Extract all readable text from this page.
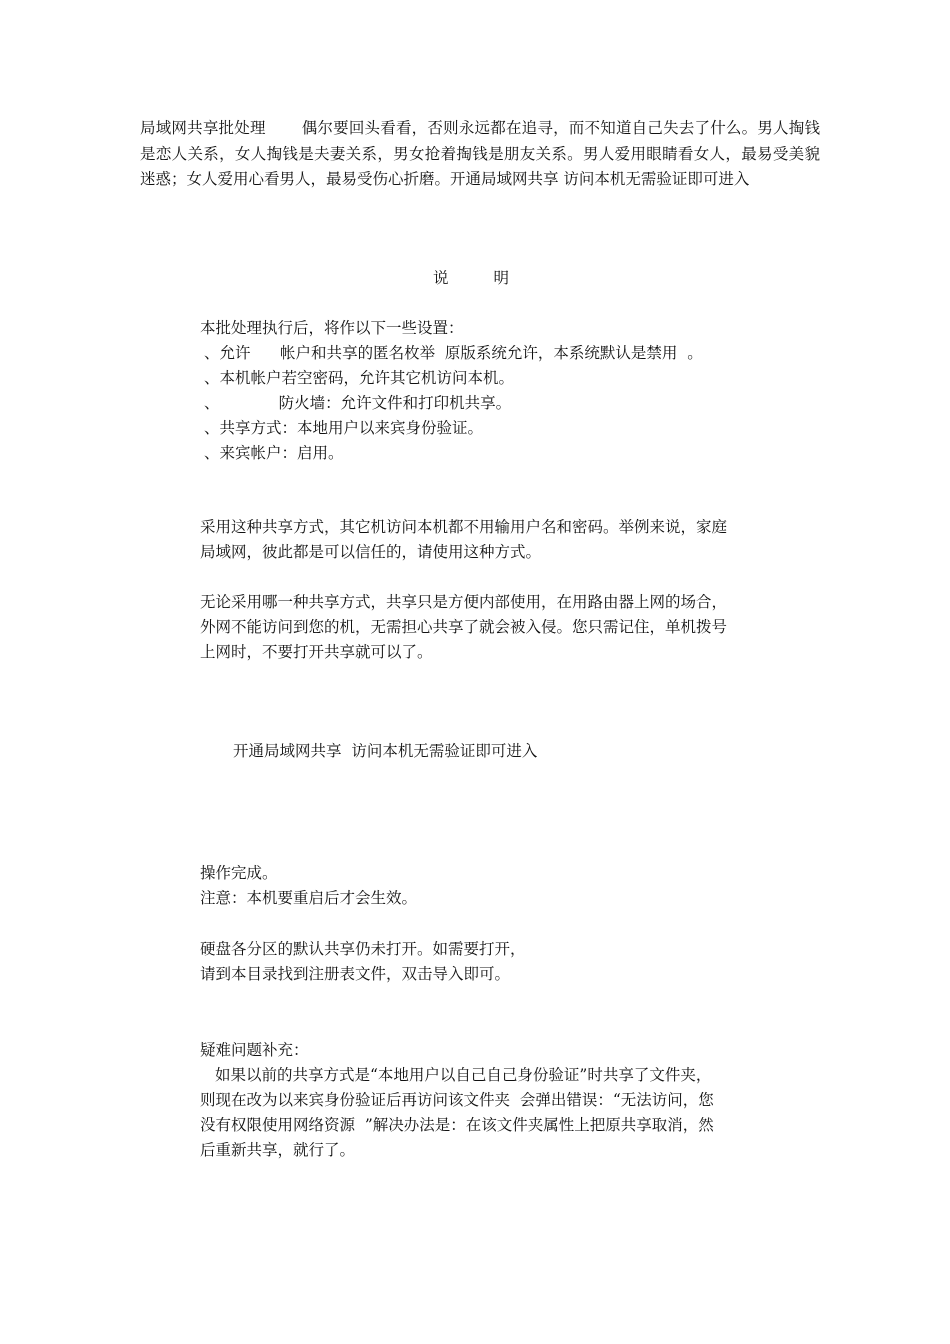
局域网共享批处理 偶尔要回头看看，否则永远都在追寻，而不知道自己失去了什么。男人掏钱是恋人关系，女人掏钱是夫妻关系，男女抢着掏钱是朋友关系。男人爱用眼睛看女人，最易受美貌迷惑；女人爱用心看男人，最易受伤心折磨。开通局域网共享 访问本机无需验证即可进入
说	明

本批处理执行后，将作以下一些设置：

、允许      帐户和共享的匿名枚举  原版系统允许，本系统默认是禁用  。

、本机帐户若空密码，允许其它机访问本机。

、            防火墙：允许文件和打印机共享。

、共享方式：本地用户以来宾身份验证。

、来宾帐户：启用。

采用这种共享方式，其它机访问本机都不用输用户名和密码。举例来说，家庭

局域网，彼此都是可以信任的，请使用这种方式。

无论采用哪一种共享方式，共享只是方便内部使用，在用路由器上网的场合，

外网不能访问到您的机，无需担心共享了就会被入侵。您只需记住，单机拨号

上网时，不要打开共享就可以了。

开通局域网共享  访问本机无需验证即可进入

操作完成。

注意：本机要重启后才会生效。

硬盘各分区的默认共享仍未打开。如需要打开，

请到本目录找到注册表文件，双击导入即可。

疑难问题补充：

如果以前的共享方式是“本地用户以自己自己身份验证”时共享了文件夹，

则现在改为以来宾身份验证后再访问该文件夹  会弹出错误：“无法访问，您

没有权限使用网络资源  ”解决办法是：在该文件夹属性上把原共享取消，然

后重新共享，就行了。
